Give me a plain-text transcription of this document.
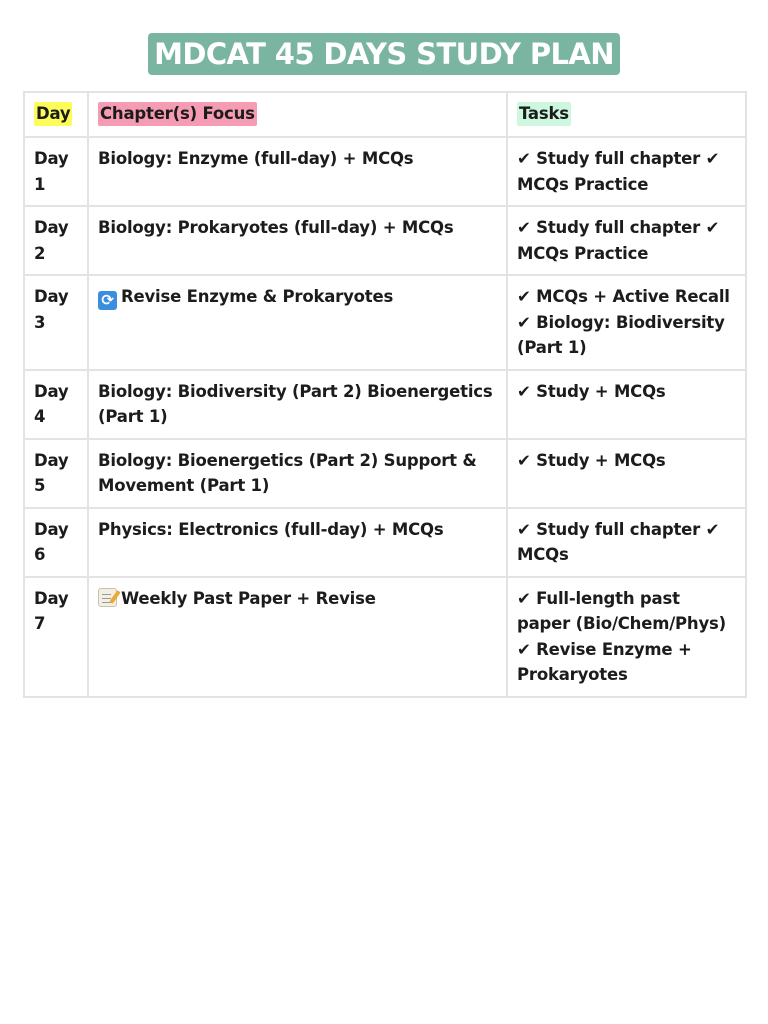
MDCAT 45 DAYS STUDY PLAN
Day	Chapter(s) Focus	Tasks
Day 1	Biology: Enzyme (full-day) + MCQs	✔ Study full chapter ✔ MCQs Practice
Day 2	Biology: Prokaryotes (full-day) + MCQs	✔ Study full chapter ✔ MCQs Practice
Day 3	⟳ Revise Enzyme & Prokaryotes	✔ MCQs + Active Recall ✔ Biology: Biodiversity (Part 1)
Day 4	Biology: Biodiversity (Part 2) Bioenergetics (Part 1)	✔ Study + MCQs
Day 5	Biology: Bioenergetics (Part 2) Support & Movement (Part 1)	✔ Study + MCQs
Day 6	Physics: Electronics (full-day) + MCQs	✔ Study full chapter ✔ MCQs
Day 7	Weekly Past Paper + Revise	✔ Full-length past paper (Bio/Chem/Phys) ✔ Revise Enzyme + Prokaryotes
